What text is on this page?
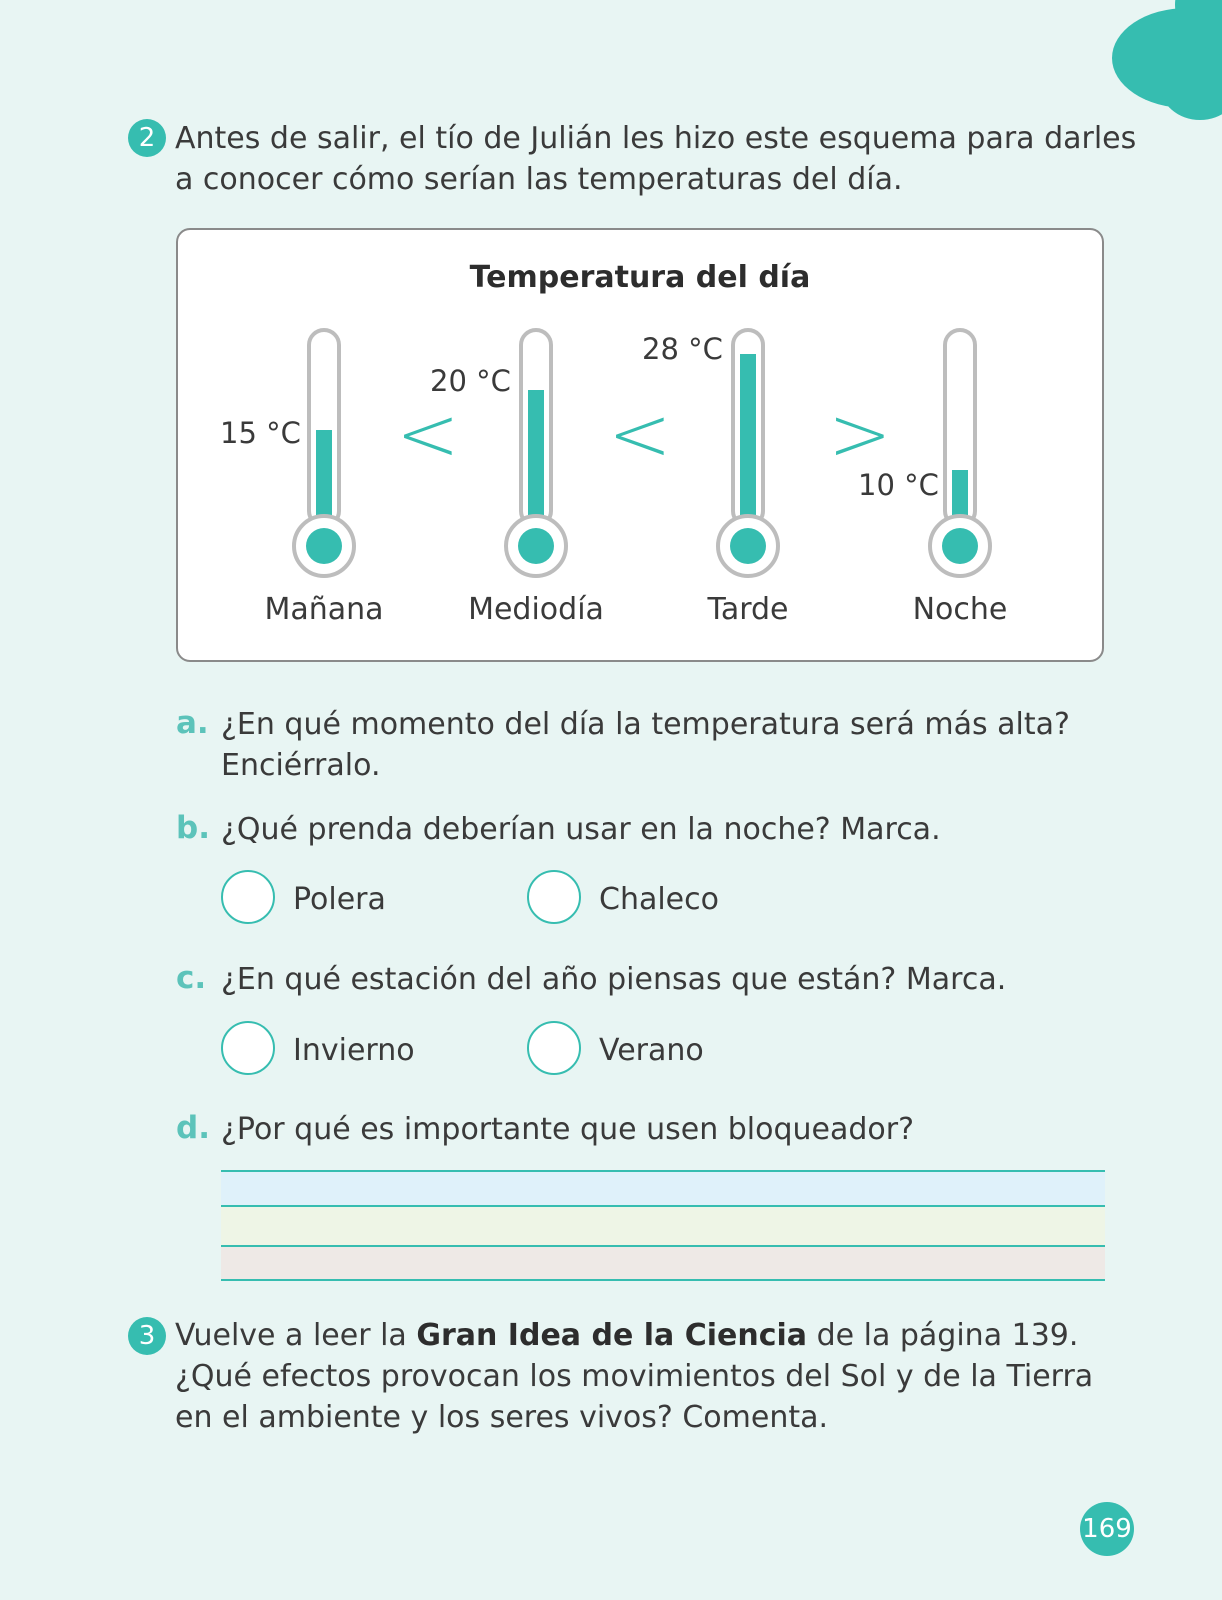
2 Antes de salir, el tío de Julián les hizo este esquema para darles
a conocer cómo serían las temperaturas del día.
Temperatura del día
15 °C
Mañana
<
20 °C
Mediodía
<
28 °C
Tarde
>
10 °C
Noche
a. ¿En qué momento del día la temperatura será más alta?
Enciérralo.
b. ¿Qué prenda deberían usar en la noche? Marca.
Polera	Chaleco
c. ¿En qué estación del año piensas que están? Marca.
Invierno	Verano
d. ¿Por qué es importante que usen bloqueador?
3 Vuelve a leer la Gran Idea de la Ciencia de la página 139.
¿Qué efectos provocan los movimientos del Sol y de la Tierra
en el ambiente y los seres vivos? Comenta.
169
